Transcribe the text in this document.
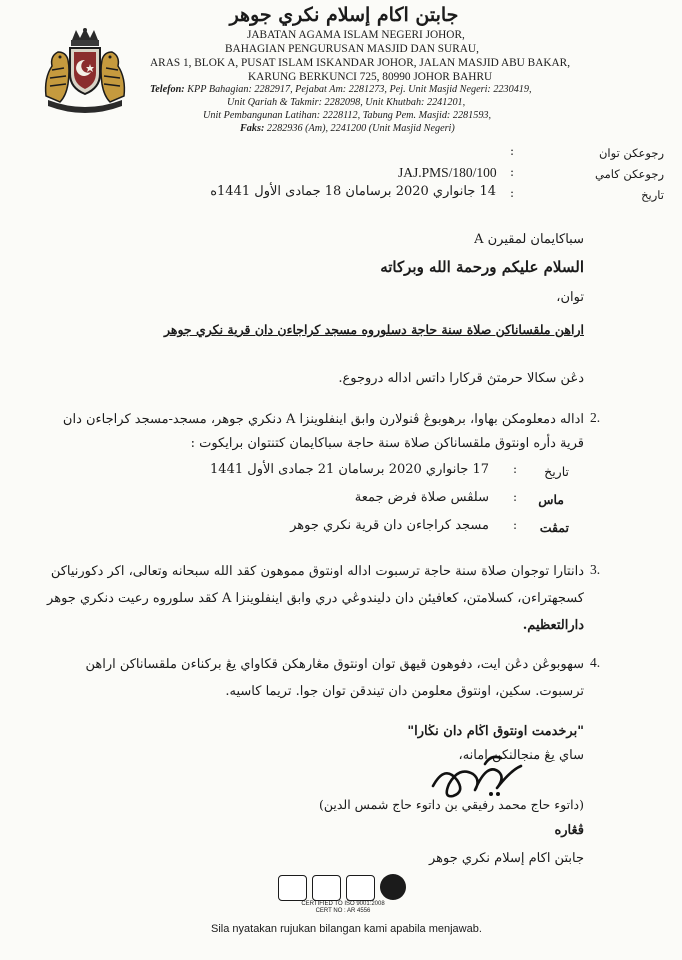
جابتن اکام إسلام نکري جوهر
JABATAN AGAMA ISLAM NEGERI JOHOR,
BAHAGIAN PENGURUSAN MASJID DAN SURAU,
ARAS 1, BLOK A, PUSAT ISLAM ISKANDAR JOHOR, JALAN MASJID ABU BAKAR,
KARUNG BERKUNCI 725, 80990 JOHOR BAHRU
Telefon: KPP Bahagian: 2282917, Pejabat Am: 2281273, Pej. Unit Masjid Negeri: 2230419,
Unit Qariah & Takmir: 2282098, Unit Khutbah: 2241201,
Unit Pembangunan Latihan: 2228112, Tabung Pem. Masjid: 2281593,
Faks: 2282936 (Am), 2241200 (Unit Masjid Negeri)
رجوعكن توان
:
رجوعكن كامي
:
JAJ.PMS/180/100
تاريخ
:
14 جانواري 2020 برسامان 18 جمادى الأول 1441ه
سباكايمان لمقيرن A
السلام عليكم ورحمة الله وبركاته
توان،
اراهن ملقساناكن صلاة سنة حاجة دسلوروه مسجد كراجاءن دان قرية نکري جوهر
دڠن سکالا حرمتڽ قركارا داتس اداله دروجوع.
2.
اداله دمعلومكن بهاوا، برهوبوڠ ڤنولارن وابق اينفلوينزا A دنكري جوهر، مسجد-مسجد كراجاءن دان
قرية دأره اونتوق ملقساناكن صلاة سنة حاجة سباكايمان كتنتوان برايكوت :
تاريخ
:
17 جانواري 2020 برسامان 21 جمادى الأول 1441
ماس
:
سلڤس صلاة فرض جمعة
تمڤت
:
مسجد كراجاءن دان قرية نكري جوهر
3.
دانتارا توجوان صلاة سنة حاجة ترسبوت اداله اونتوق مموهون كقد الله سبحانه وتعالى، اكر دكورنياكن
كسجهتراءن، كسلامتن، كعافيئن دان دليندوڠي دري وابق اينفلوينزا A كقد سلوروه رعيت دنكري جوهر
دارالتعظيم.
4.
سهوبوڠن دڠن ايت، دفوهون قيهق توان اونتوق مڠارهكن قكاواي يڠ بركناءن ملقساناكن اراهن
ترسبوت. سكين، اونتوق معلومن دان تيندقن توان جوا. تريما كاسيه.
"برخدمت اونتوق اڬام دان نڬارا"
ساي يڠ منجالنكن امانه،
(داتوء حاج محمد رفيقي بن داتوء حاج شمس الدين)
ڤڠاره
جابتن اكام إسلام نكري جوهر
CERTIFIED TO ISO 9001:2008
CERT NO : AR 4556
Sila nyatakan rujukan bilangan kami apabila menjawab.
